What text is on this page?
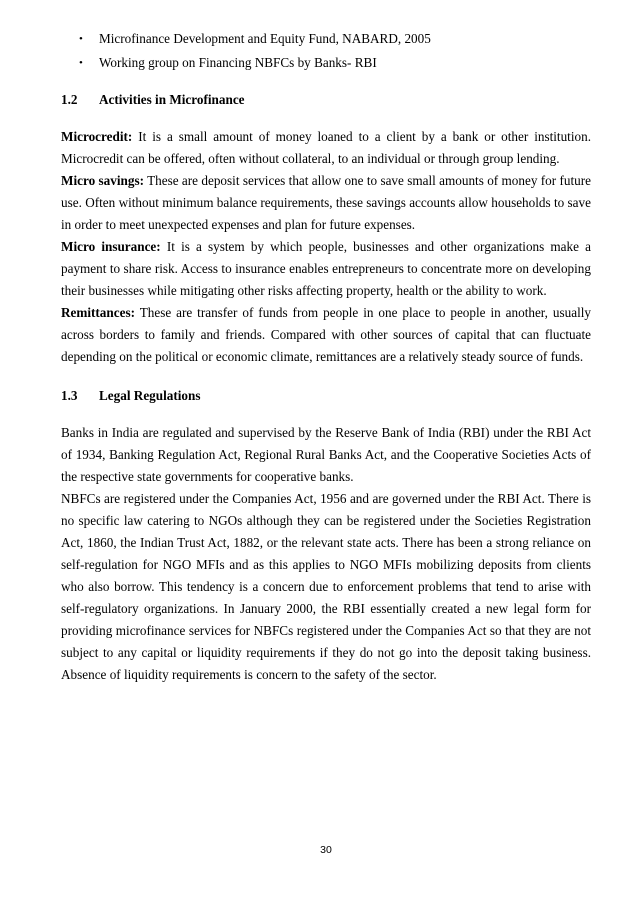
• Microfinance Development and Equity Fund, NABARD, 2005
• Working group on Financing NBFCs by Banks- RBI
1.2 Activities in Microfinance

Microcredit: It is a small amount of money loaned to a client by a bank or other institution. Microcredit can be offered, often without collateral, to an individual or through group lending.

Micro savings: These are deposit services that allow one to save small amounts of money for future use. Often without minimum balance requirements, these savings accounts allow households to save in order to meet unexpected expenses and plan for future expenses.

Micro insurance: It is a system by which people, businesses and other organizations make a payment to share risk. Access to insurance enables entrepreneurs to concentrate more on developing their businesses while mitigating other risks affecting property, health or the ability to work.

Remittances: These are transfer of funds from people in one place to people in another, usually across borders to family and friends. Compared with other sources of capital that can fluctuate depending on the political or economic climate, remittances are a relatively steady source of funds.

1.3 Legal Regulations

Banks in India are regulated and supervised by the Reserve Bank of India (RBI) under the RBI Act of 1934, Banking Regulation Act, Regional Rural Banks Act, and the Cooperative Societies Acts of the respective state governments for cooperative banks.

NBFCs are registered under the Companies Act, 1956 and are governed under the RBI Act. There is no specific law catering to NGOs although they can be registered under the Societies Registration Act, 1860, the Indian Trust Act, 1882, or the relevant state acts. There has been a strong reliance on self-regulation for NGO MFIs and as this applies to NGO MFIs mobilizing deposits from clients who also borrow. This tendency is a concern due to enforcement problems that tend to arise with self-regulatory organizations. In January 2000, the RBI essentially created a new legal form for providing microfinance services for NBFCs registered under the Companies Act so that they are not subject to any capital or liquidity requirements if they do not go into the deposit taking business. Absence of liquidity requirements is concern to the safety of the sector.

30
